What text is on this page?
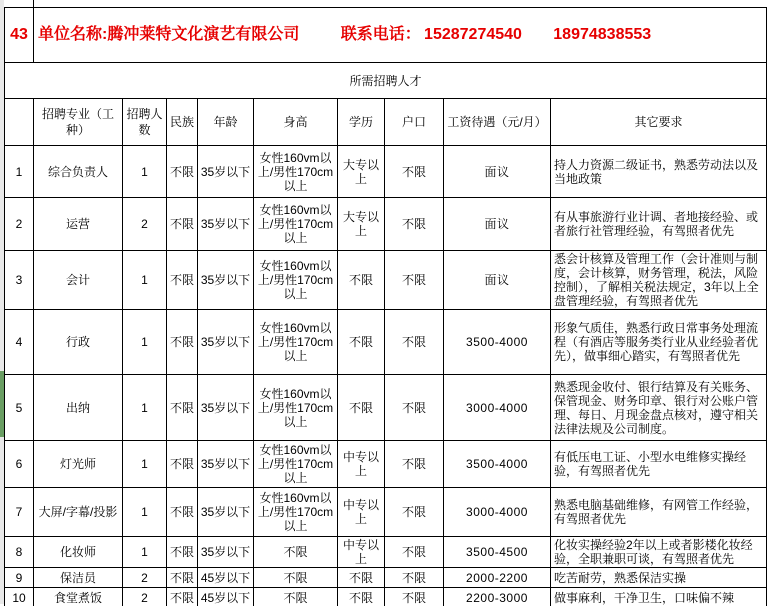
43	单位名称:腾冲莱特文化演艺有限公司 联系电话： 15287274540 18974838553								
所需招聘人才									
	招聘专业（工种）	招聘人数	民族	年龄	身高	学历	户口	工资待遇（元/月）	其它要求
1	综合负责人	1	不限	35岁以下	女性160vm以上/男性170cm以上	大专以上	不限	面议	持人力资源二级证书，熟悉劳动法以及当地政策
2	运营	2	不限	35岁以下	女性160vm以上/男性170cm以上	大专以上	不限	面议	有从事旅游行业计调、者地接经验、或者旅行社管理经验，有驾照者优先
3	会计	1	不限	35岁以下	女性160vm以上/男性170cm以上	不限	不限	面议	悉会计核算及管理工作（会计准则与制度，会计核算，财务管理，税法，风险控制），了解相关税法规定，3年以上全盘管理经验，有驾照者优先
4	行政	1	不限	35岁以下	女性160vm以上/男性170cm以上	不限	不限	3500-4000	形象气质佳，熟悉行政日常事务处理流程（有酒店等服务类行业从业经验者优先），做事细心踏实，有驾照者优先
5	出纳	1	不限	35岁以下	女性160vm以上/男性170cm以上	不限	不限	3000-4000	熟悉现金收付、银行结算及有关账务、保管现金、财务印章、银行对公账户管理、每日、月现金盘点核对，遵守相关法律法规及公司制度。
6	灯光师	1	不限	35岁以下	女性160vm以上/男性170cm以上	中专以上	不限	3500-4000	有低压电工证、小型水电维修实操经验，有驾照者优先
7	大屏/字幕/投影	1	不限	35岁以下	女性160vm以上/男性170cm以上	中专以上	不限	3000-4000	熟悉电脑基础维修，有网管工作经验，有驾照者优先
8	化妆师	1	不限	35岁以下	不限	中专以上	不限	3500-4500	化妆实操经验2年以上或者影楼化妆经验，全职兼职可谈，有驾照者优先
9	保洁员	2	不限	45岁以下	不限	不限	不限	2000-2200	吃苦耐劳，熟悉保洁实操
10	食堂煮饭	2	不限	45岁以下	不限	不限	不限	2200-3000	做事麻利，干净卫生，口味偏不辣
